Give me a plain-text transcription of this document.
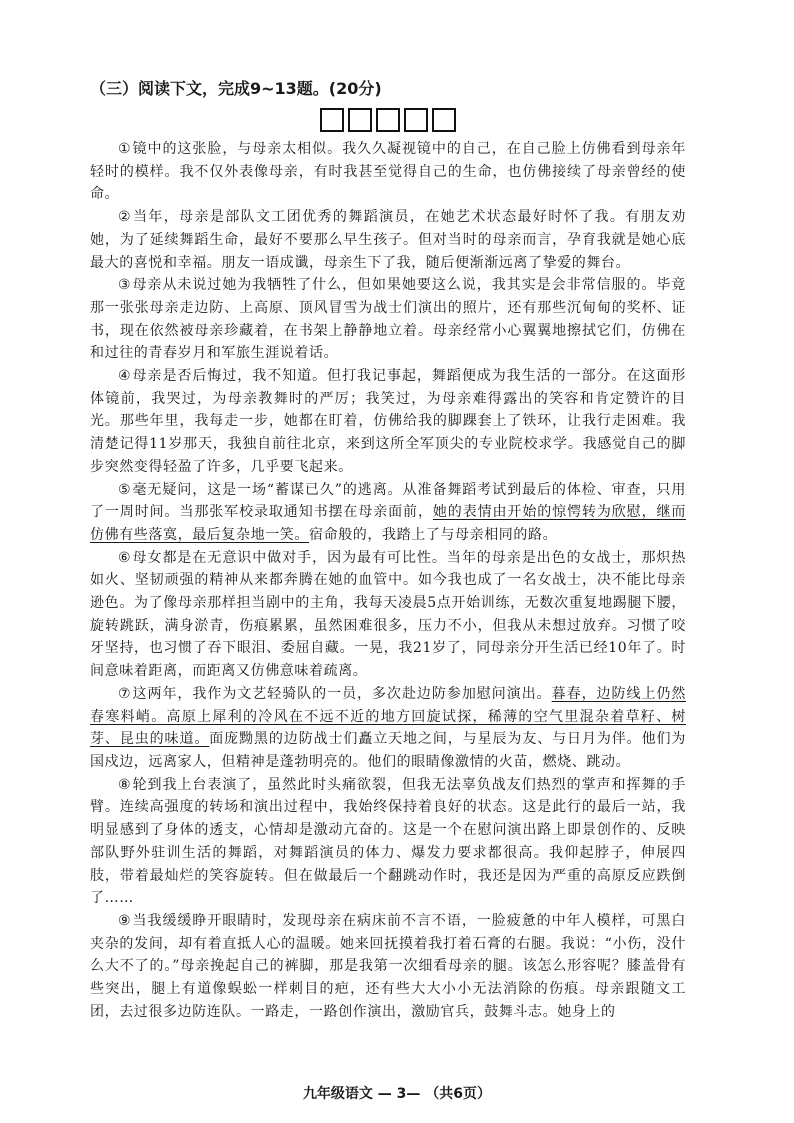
（三）阅读下文，完成9~13题。(20分)

①镜中的这张脸，与母亲太相似。我久久凝视镜中的自己，在自己脸上仿佛看到母亲年轻时的模样。我不仅外表像母亲，有时我甚至觉得自己的生命，也仿佛接续了母亲曾经的使命。

②当年，母亲是部队文工团优秀的舞蹈演员，在她艺术状态最好时怀了我。有朋友劝她，为了延续舞蹈生命，最好不要那么早生孩子。但对当时的母亲而言，孕育我就是她心底最大的喜悦和幸福。朋友一语成谶，母亲生下了我，随后便渐渐远离了挚爱的舞台。

③母亲从未说过她为我牺牲了什么，但如果她要这么说，我其实是会非常信服的。毕竟那一张张母亲走边防、上高原、顶风冒雪为战士们演出的照片，还有那些沉甸甸的奖杯、证书，现在依然被母亲珍藏着，在书架上静静地立着。母亲经常小心翼翼地擦拭它们，仿佛在和过往的青春岁月和军旅生涯说着话。

④母亲是否后悔过，我不知道。但打我记事起，舞蹈便成为我生活的一部分。在这面形体镜前，我哭过，为母亲教舞时的严厉；我笑过，为母亲难得露出的笑容和肯定赞许的目光。那些年里，我每走一步，她都在盯着，仿佛给我的脚踝套上了铁环，让我行走困难。我清楚记得11岁那天，我独自前往北京，来到这所全军顶尖的专业院校求学。我感觉自己的脚步突然变得轻盈了许多，几乎要飞起来。

⑤毫无疑问，这是一场“蓄谋已久”的逃离。从准备舞蹈考试到最后的体检、审查，只用了一周时间。当那张军校录取通知书摆在母亲面前，她的表情由开始的惊愕转为欣慰，继而仿佛有些落寞，最后复杂地一笑。宿命般的，我踏上了与母亲相同的路。

⑥母女都是在无意识中做对手，因为最有可比性。当年的母亲是出色的女战士，那炽热如火、坚韧顽强的精神从来都奔腾在她的血管中。如今我也成了一名女战士，决不能比母亲逊色。为了像母亲那样担当剧中的主角，我每天凌晨5点开始训练，无数次重复地踢腿下腰，旋转跳跃，满身淤青，伤痕累累，虽然困难很多，压力不小，但我从未想过放弃。习惯了咬牙坚持，也习惯了吞下眼泪、委屈自藏。一晃，我21岁了，同母亲分开生活已经10年了。时间意味着距离，而距离又仿佛意味着疏离。

⑦这两年，我作为文艺轻骑队的一员，多次赴边防参加慰问演出。暮春，边防线上仍然春寒料峭。高原上犀利的冷风在不远不近的地方回旋试探，稀薄的空气里混杂着草籽、树芽、昆虫的味道。面庞黝黑的边防战士们矗立天地之间，与星辰为友、与日月为伴。他们为国戍边，远离家人，但精神是蓬勃明亮的。他们的眼睛像激情的火苗，燃烧、跳动。

⑧轮到我上台表演了，虽然此时头痛欲裂，但我无法辜负战友们热烈的掌声和挥舞的手臂。连续高强度的转场和演出过程中，我始终保持着良好的状态。这是此行的最后一站，我明显感到了身体的透支，心情却是激动亢奋的。这是一个在慰问演出路上即景创作的、反映部队野外驻训生活的舞蹈，对舞蹈演员的体力、爆发力要求都很高。我仰起脖子，伸展四肢，带着最灿烂的笑容旋转。但在做最后一个翻跳动作时，我还是因为严重的高原反应跌倒了……

⑨当我缓缓睁开眼睛时，发现母亲在病床前不言不语，一脸疲惫的中年人模样，可黑白夹杂的发间，却有着直抵人心的温暖。她来回抚摸着我打着石膏的右腿。我说：“小伤，没什么大不了的。”母亲挽起自己的裤脚，那是我第一次细看母亲的腿。该怎么形容呢？膝盖骨有些突出，腿上有道像蜈蚣一样刺目的疤，还有些大大小小无法消除的伤痕。母亲跟随文工团，去过很多边防连队。一路走，一路创作演出，激励官兵，鼓舞斗志。她身上的

九年级语文 — 3— （共6页）
